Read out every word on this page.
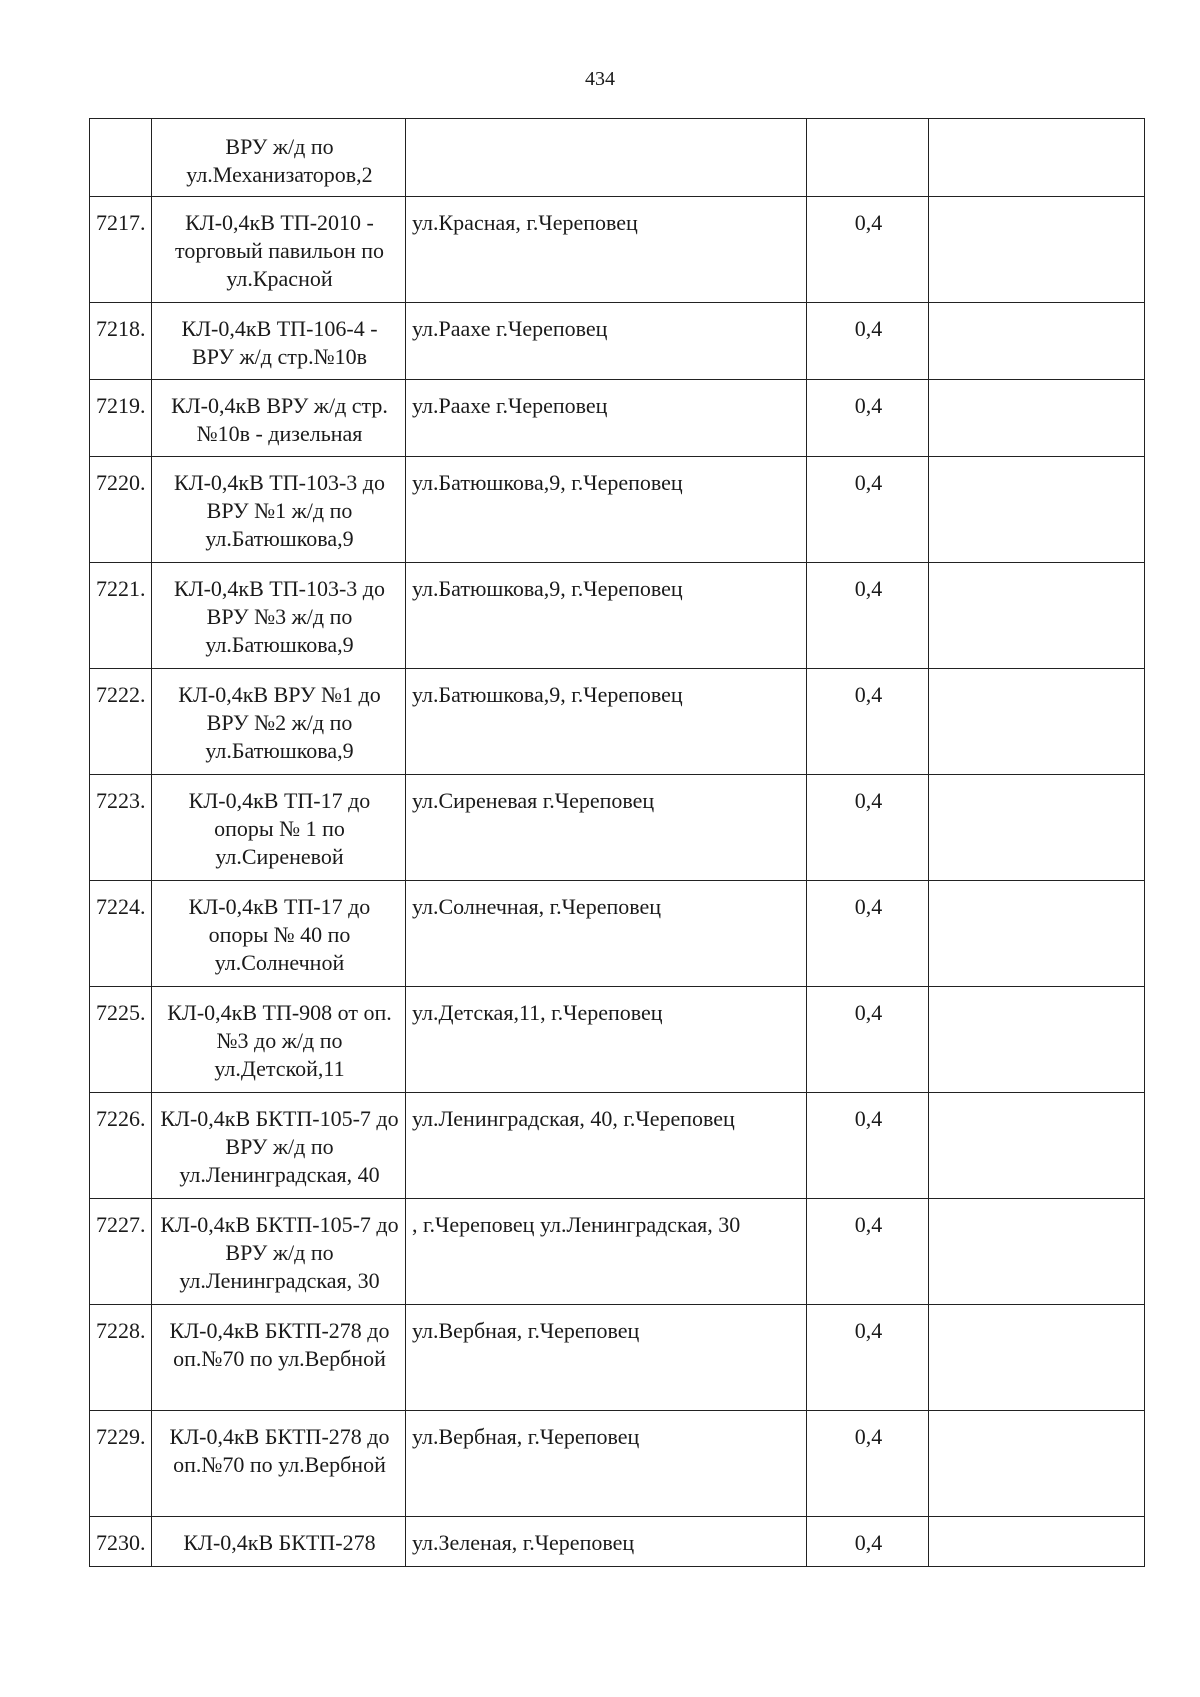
434
	ВРУ ж/д по ул.Механизаторов,2			
7217.	КЛ-0,4кВ ТП-2010 - торговый павильон по ул.Красной	ул.Красная, г.Череповец	0,4	
7218.	КЛ-0,4кВ ТП-106-4 - ВРУ ж/д стр.№10в	ул.Раахе г.Череповец	0,4	
7219.	КЛ-0,4кВ ВРУ ж/д стр.№10в - дизельная	ул.Раахе г.Череповец	0,4	
7220.	КЛ-0,4кВ ТП-103-3 до ВРУ №1 ж/д по ул.Батюшкова,9	ул.Батюшкова,9, г.Череповец	0,4	
7221.	КЛ-0,4кВ ТП-103-3 до ВРУ №3 ж/д по ул.Батюшкова,9	ул.Батюшкова,9, г.Череповец	0,4	
7222.	КЛ-0,4кВ ВРУ №1 до ВРУ №2 ж/д по ул.Батюшкова,9	ул.Батюшкова,9, г.Череповец	0,4	
7223.	КЛ-0,4кВ ТП-17 до опоры № 1 по ул.Сиреневой	ул.Сиреневая г.Череповец	0,4	
7224.	КЛ-0,4кВ ТП-17 до опоры № 40 по ул.Солнечной	ул.Солнечная, г.Череповец	0,4	
7225.	КЛ-0,4кВ ТП-908 от оп.№3 до ж/д по ул.Детской,11	ул.Детская,11, г.Череповец	0,4	
7226.	КЛ-0,4кВ БКТП-105-7 до ВРУ ж/д по ул.Ленинградская, 40	ул.Ленинградская, 40, г.Череповец	0,4	
7227.	КЛ-0,4кВ БКТП-105-7 до ВРУ ж/д по ул.Ленинградская, 30	, г.Череповец ул.Ленинградская, 30	0,4	
7228.	КЛ-0,4кВ БКТП-278 до оп.№70 по ул.Вербной	ул.Вербная, г.Череповец	0,4	
7229.	КЛ-0,4кВ БКТП-278 до оп.№70 по ул.Вербной	ул.Вербная, г.Череповец	0,4	
7230.	КЛ-0,4кВ БКТП-278	ул.Зеленая, г.Череповец	0,4	
